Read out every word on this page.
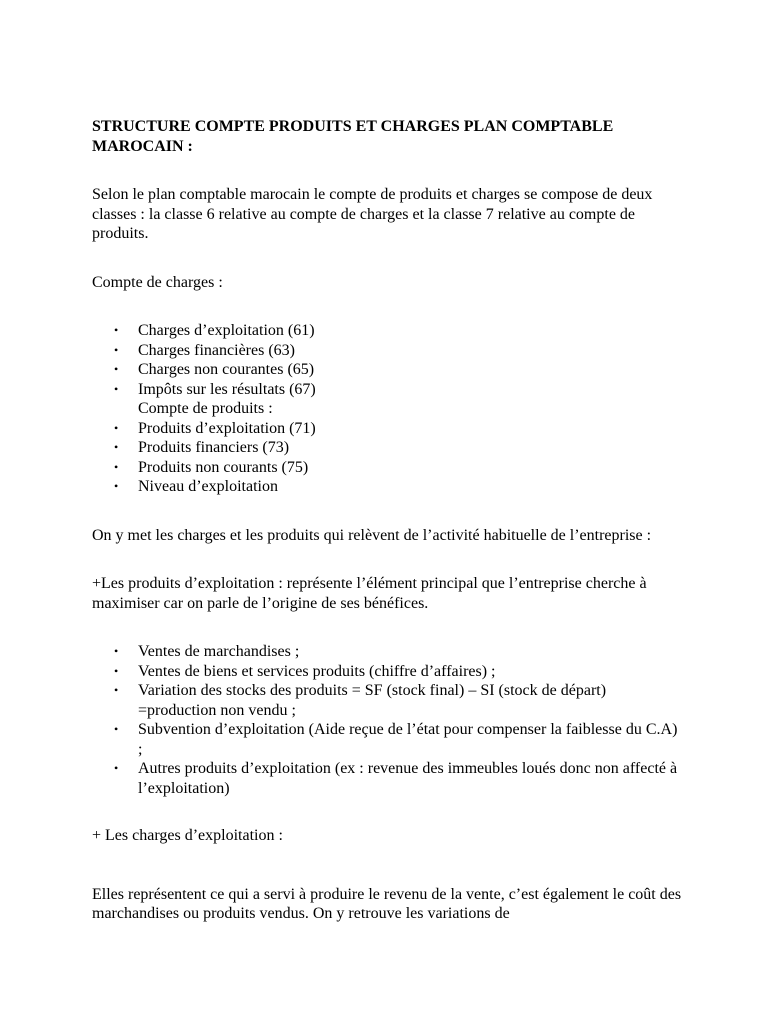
STRUCTURE COMPTE PRODUITS ET CHARGES PLAN COMPTABLE MAROCAIN :

Selon le plan comptable marocain le compte de produits et charges se compose de deux classes : la classe 6 relative au compte de charges et la classe 7 relative au compte de produits.

Compte de charges :

• Charges d’exploitation (61)
• Charges financières (63)
• Charges non courantes (65)
• Impôts sur les résultats (67)
Compte de produits :
• Produits d’exploitation (71)
• Produits financiers (73)
• Produits non courants (75)
• Niveau d’exploitation

On y met les charges et les produits qui relèvent de l’activité habituelle de l’entreprise :

+Les produits d’exploitation : représente l’élément principal que l’entreprise cherche à maximiser car on parle de l’origine de ses bénéfices.

• Ventes de marchandises ;
• Ventes de biens et services produits (chiffre d’affaires) ;
• Variation des stocks des produits = SF (stock final) – SI (stock de départ) =production non vendu ;
• Subvention d’exploitation (Aide reçue de l’état pour compenser la faiblesse du C.A) ;
• Autres produits d’exploitation (ex : revenue des immeubles loués donc non affecté à l’exploitation)

+ Les charges d’exploitation :

Elles représentent ce qui a servi à produire le revenu de la vente, c’est également le coût des marchandises ou produits vendus. On y retrouve les variations de
